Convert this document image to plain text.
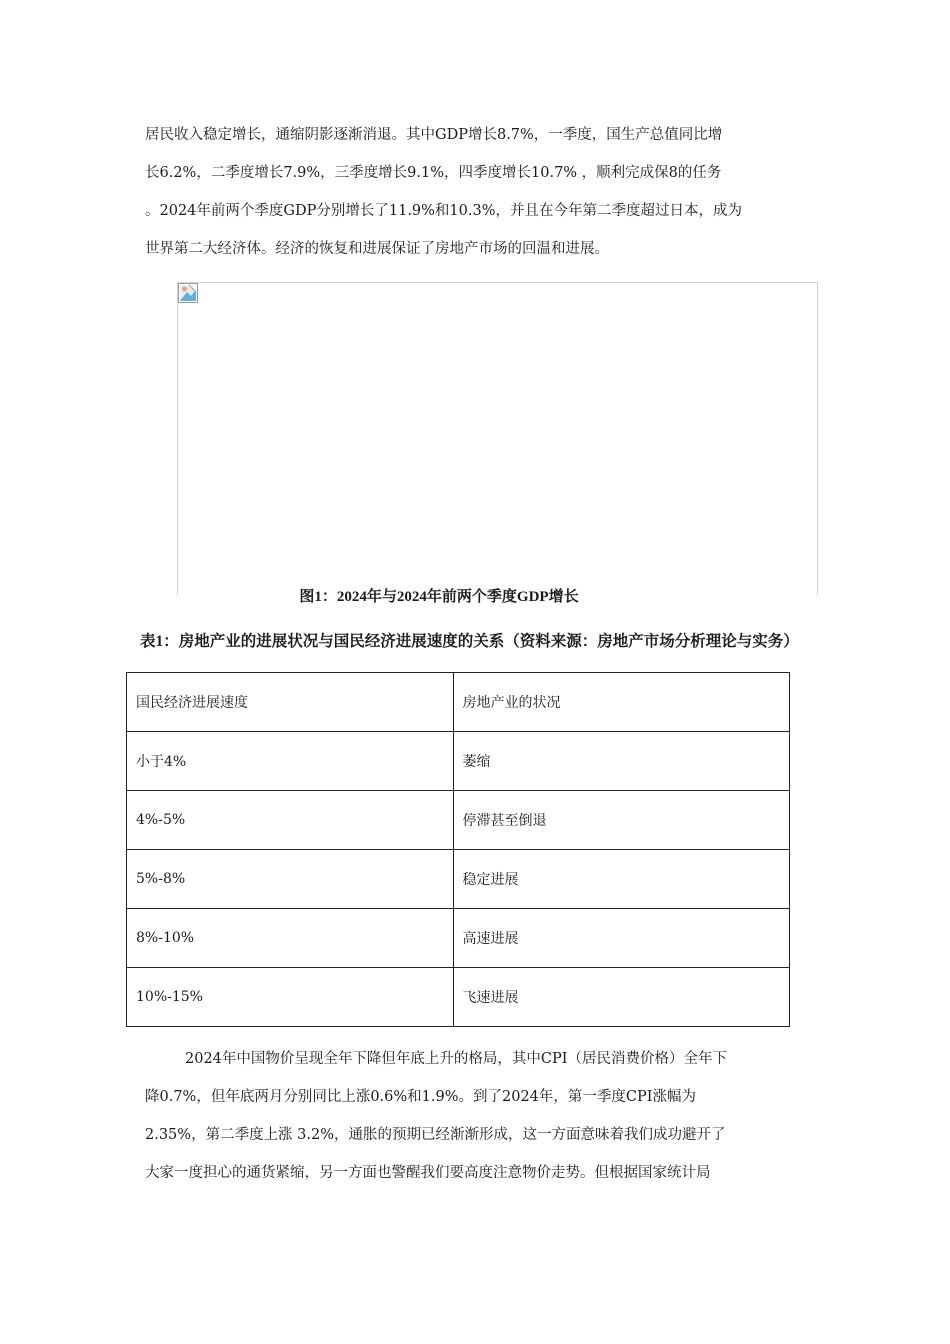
居民收入稳定增长，通缩阴影逐渐消退。其中GDP增长8.7%，一季度，国生产总值同比增
长6.2%，二季度增长7.9%，三季度增长9.1%，四季度增长10.7% ，顺利完成保8的任务
。2024年前两个季度GDP分别增长了11.9%和10.3%，并且在今年第二季度超过日本，成为
世界第二大经济体。经济的恢复和进展保证了房地产市场的回温和进展。
图1：2024年与2024年前两个季度GDP增长
表1：房地产业的进展状况与国民经济进展速度的关系（资料来源：房地产市场分析理论与实务）
国民经济进展速度	房地产业的状况
小于4%	萎缩
4%-5%	停滞甚至倒退
5%-8%	稳定进展
8%-10%	高速进展
10%-15%	飞速进展
2024年中国物价呈现全年下降但年底上升的格局，其中CPI（居民消费价格）全年下
降0.7%，但年底两月分别同比上涨0.6%和1.9%。到了2024年，第一季度CPI涨幅为
2.35%，第二季度上涨 3.2%，通胀的预期已经渐渐形成，这一方面意味着我们成功避开了
大家一度担心的通货紧缩，另一方面也警醒我们要高度注意物价走势。但根据国家统计局
